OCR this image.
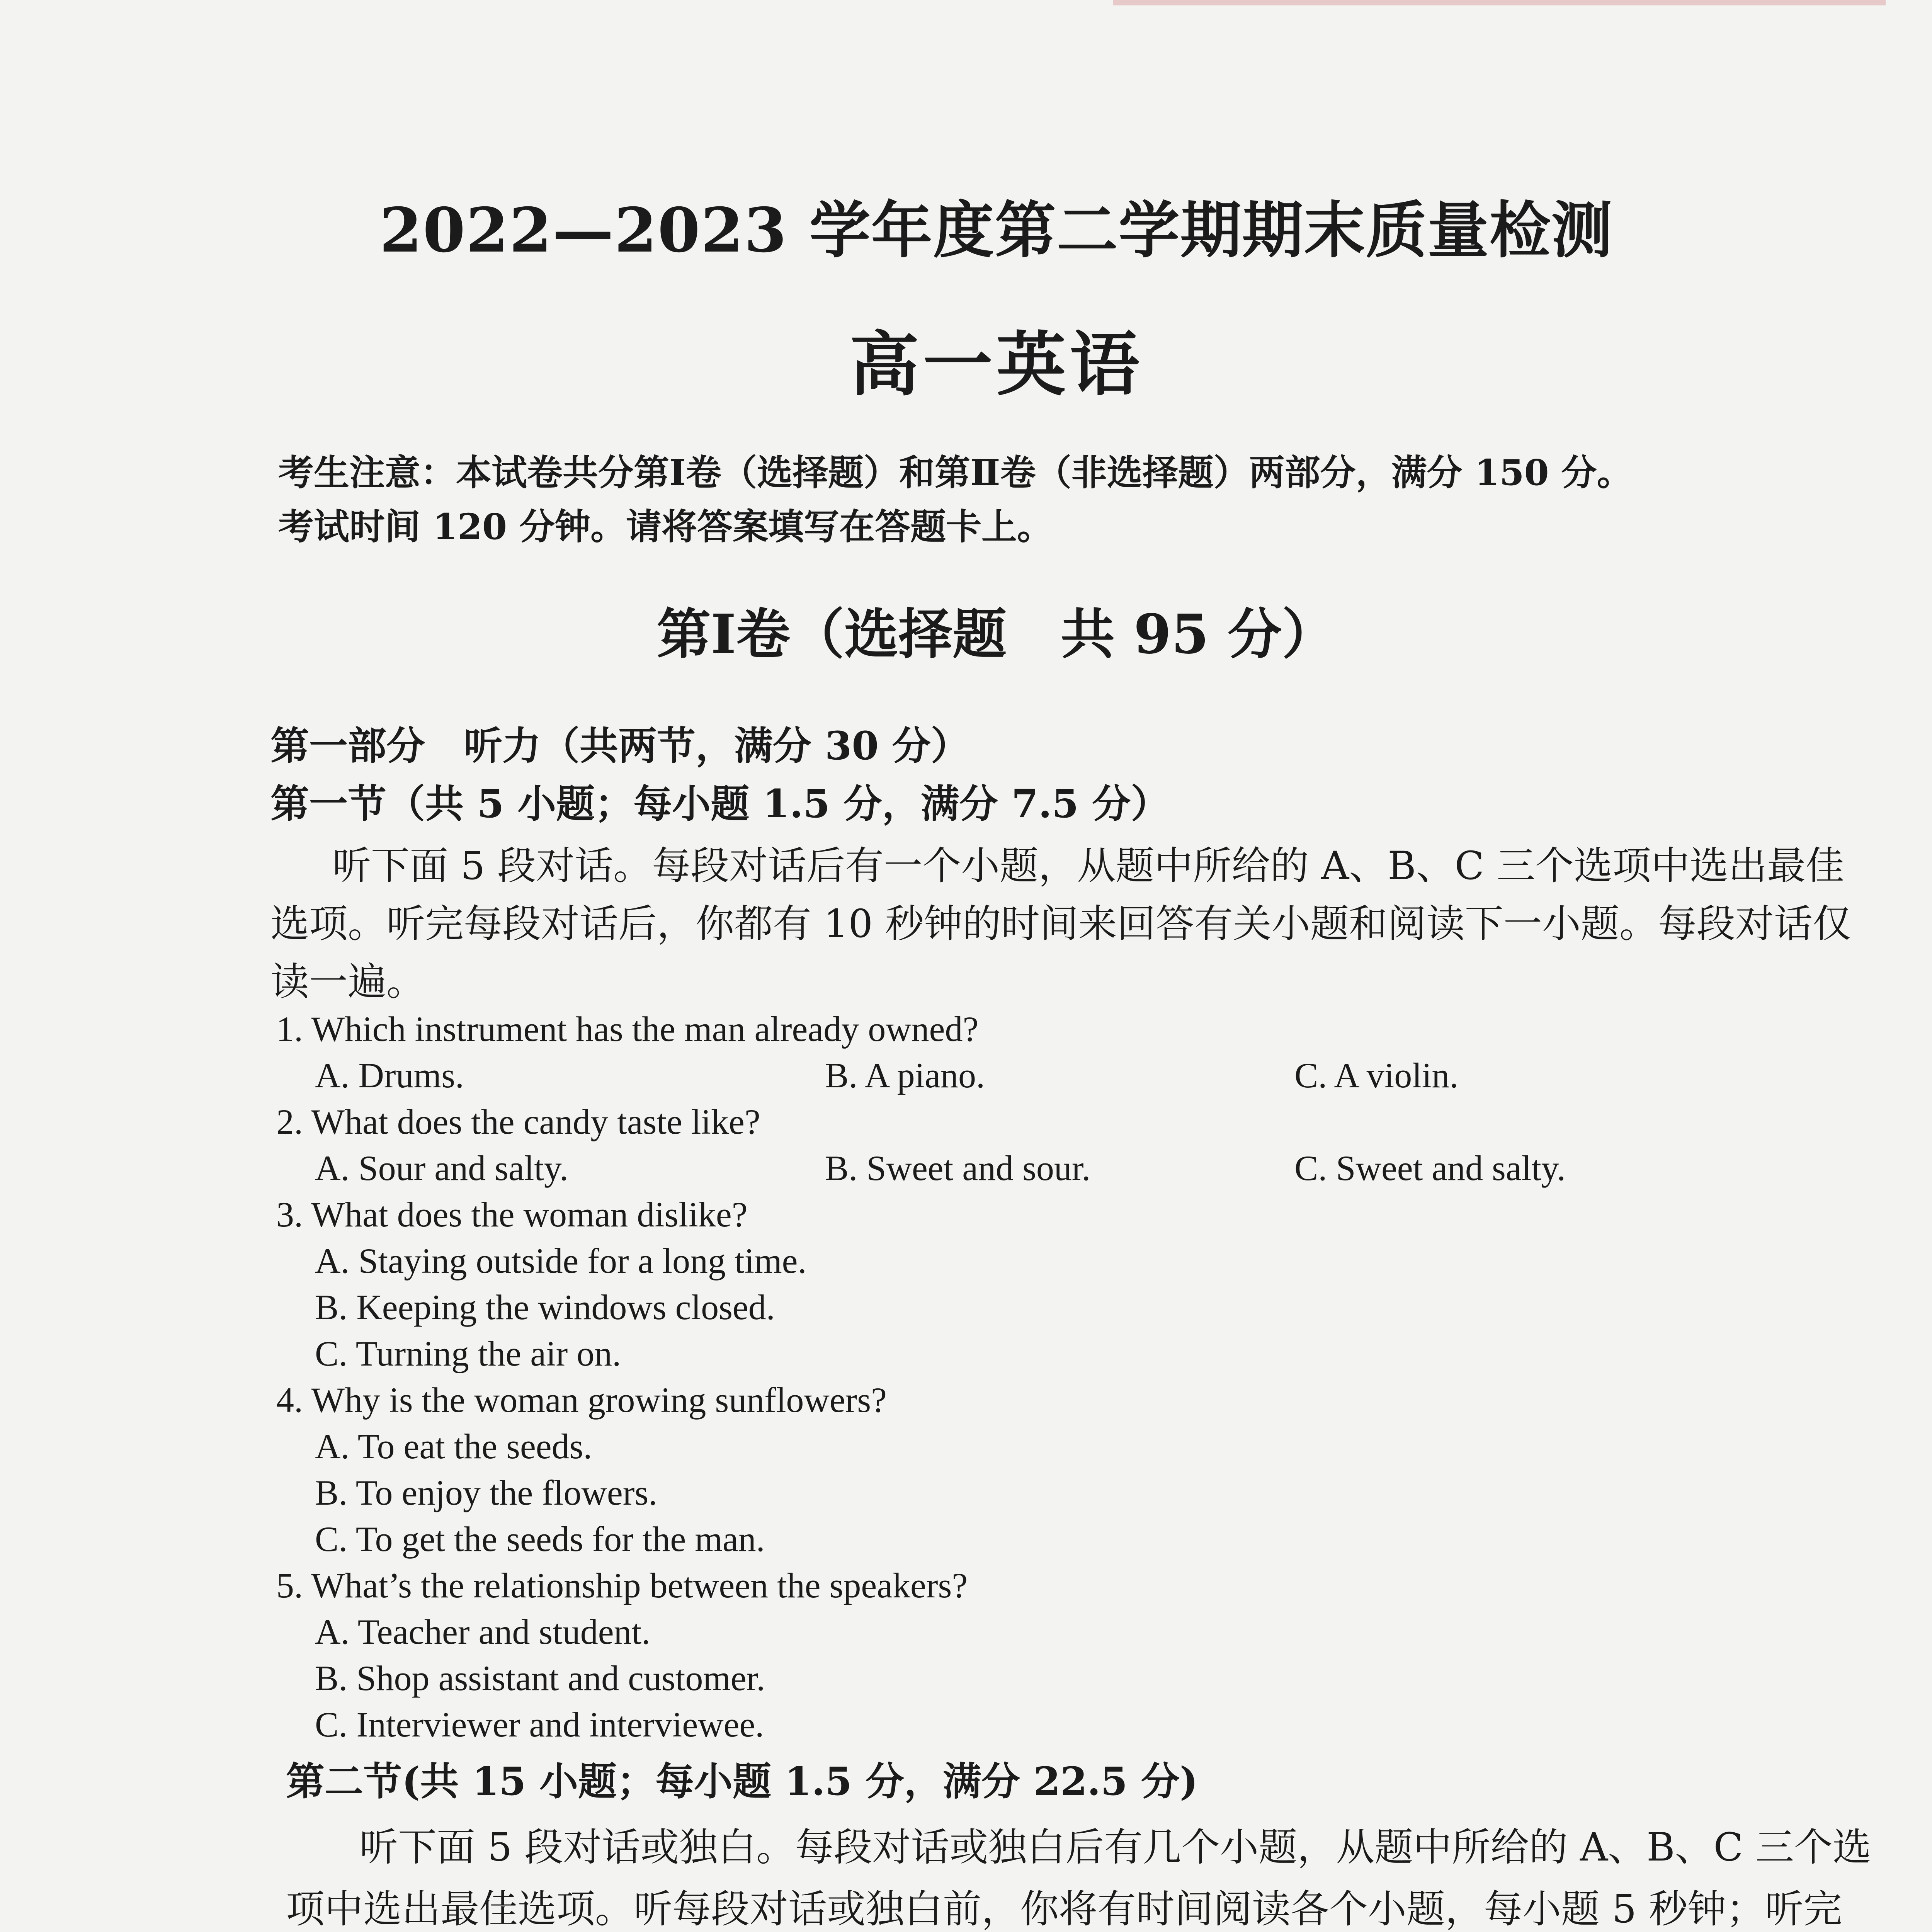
2022—2023 学年度第二学期期末质量检测
高一英语
考生注意：本试卷共分第Ⅰ卷（选择题）和第Ⅱ卷（非选择题）两部分，满分 150 分。
考试时间 120 分钟。请将答案填写在答题卡上。
第Ⅰ卷（选择题　共 95 分）
第一部分　听力（共两节，满分 30 分）
第一节（共 5 小题；每小题 1.5 分，满分 7.5 分）
听下面 5 段对话。每段对话后有一个小题，从题中所给的 A、B、C 三个选项中选出最佳
选项。听完每段对话后，你都有 10 秒钟的时间来回答有关小题和阅读下一小题。每段对话仅
读一遍。
1. Which instrument has the man already owned?
A. Drums.	B. A piano.	C. A violin.
2. What does the candy taste like?
A. Sour and salty.	B. Sweet and sour.	C. Sweet and salty.
3. What does the woman dislike?
A. Staying outside for a long time.
B. Keeping the windows closed.
C. Turning the air on.
4. Why is the woman growing sunflowers?
A. To eat the seeds.
B. To enjoy the flowers.
C. To get the seeds for the man.
5. What’s the relationship between the speakers?
A. Teacher and student.
B. Shop assistant and customer.
C. Interviewer and interviewee.
第二节(共 15 小题；每小题 1.5 分，满分 22.5 分)
听下面 5 段对话或独白。每段对话或独白后有几个小题，从题中所给的 A、B、C 三个选
项中选出最佳选项。听每段对话或独白前，你将有时间阅读各个小题，每小题 5 秒钟；听完
